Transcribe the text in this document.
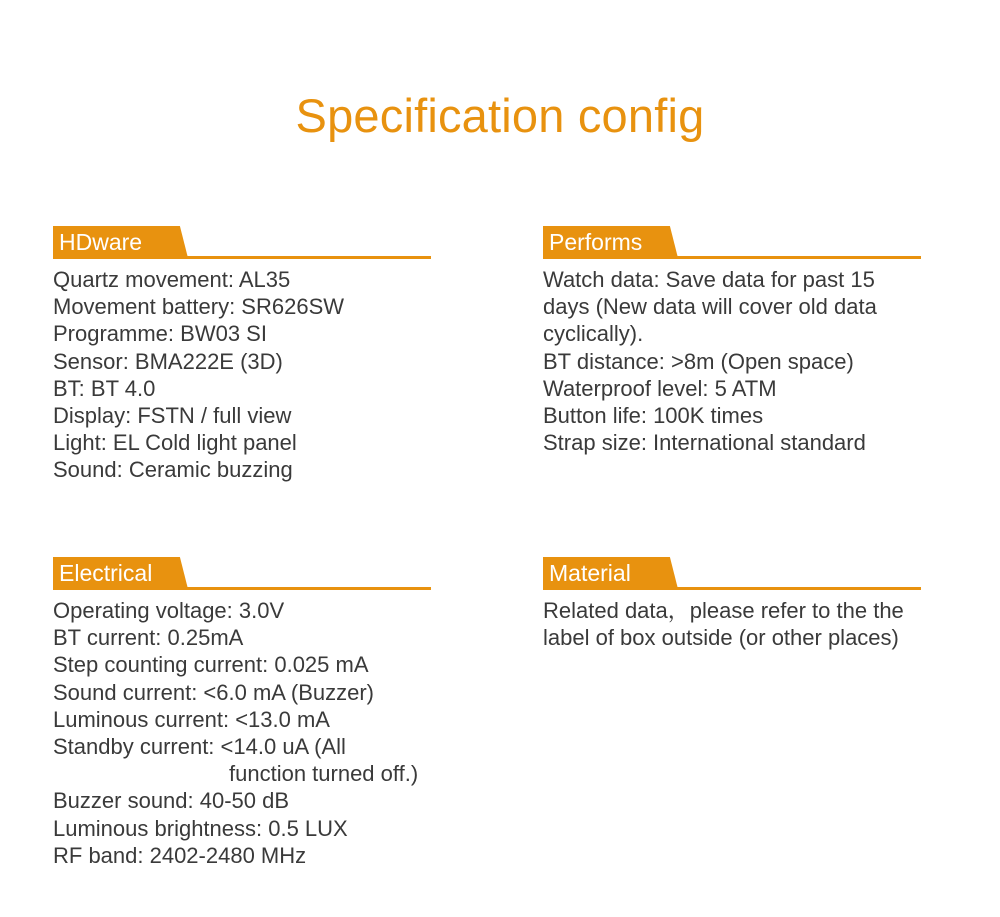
Specification config
HDware
Quartz movement: AL35
Movement battery: SR626SW
Programme: BW03 SI
Sensor: BMA222E (3D)
BT: BT 4.0
Display: FSTN / full view
Light: EL Cold light panel
Sound: Ceramic buzzing
Performs
Watch data: Save data for past 15
days (New data will cover old data
cyclically).
BT distance: >8m (Open space)
Waterproof level: 5 ATM
Button life: 100K times
Strap size: International standard
Electrical
Operating voltage: 3.0V
BT current: 0.25mA
Step counting current: 0.025 mA
Sound current: <6.0 mA (Buzzer)
Luminous current: <13.0 mA
Standby current: <14.0 uA (All
function turned off.)
Buzzer sound: 40-50 dB
Luminous brightness: 0.5 LUX
RF band: 2402-2480 MHz
Material
Related data，please refer to the the
label of box outside (or other places)
